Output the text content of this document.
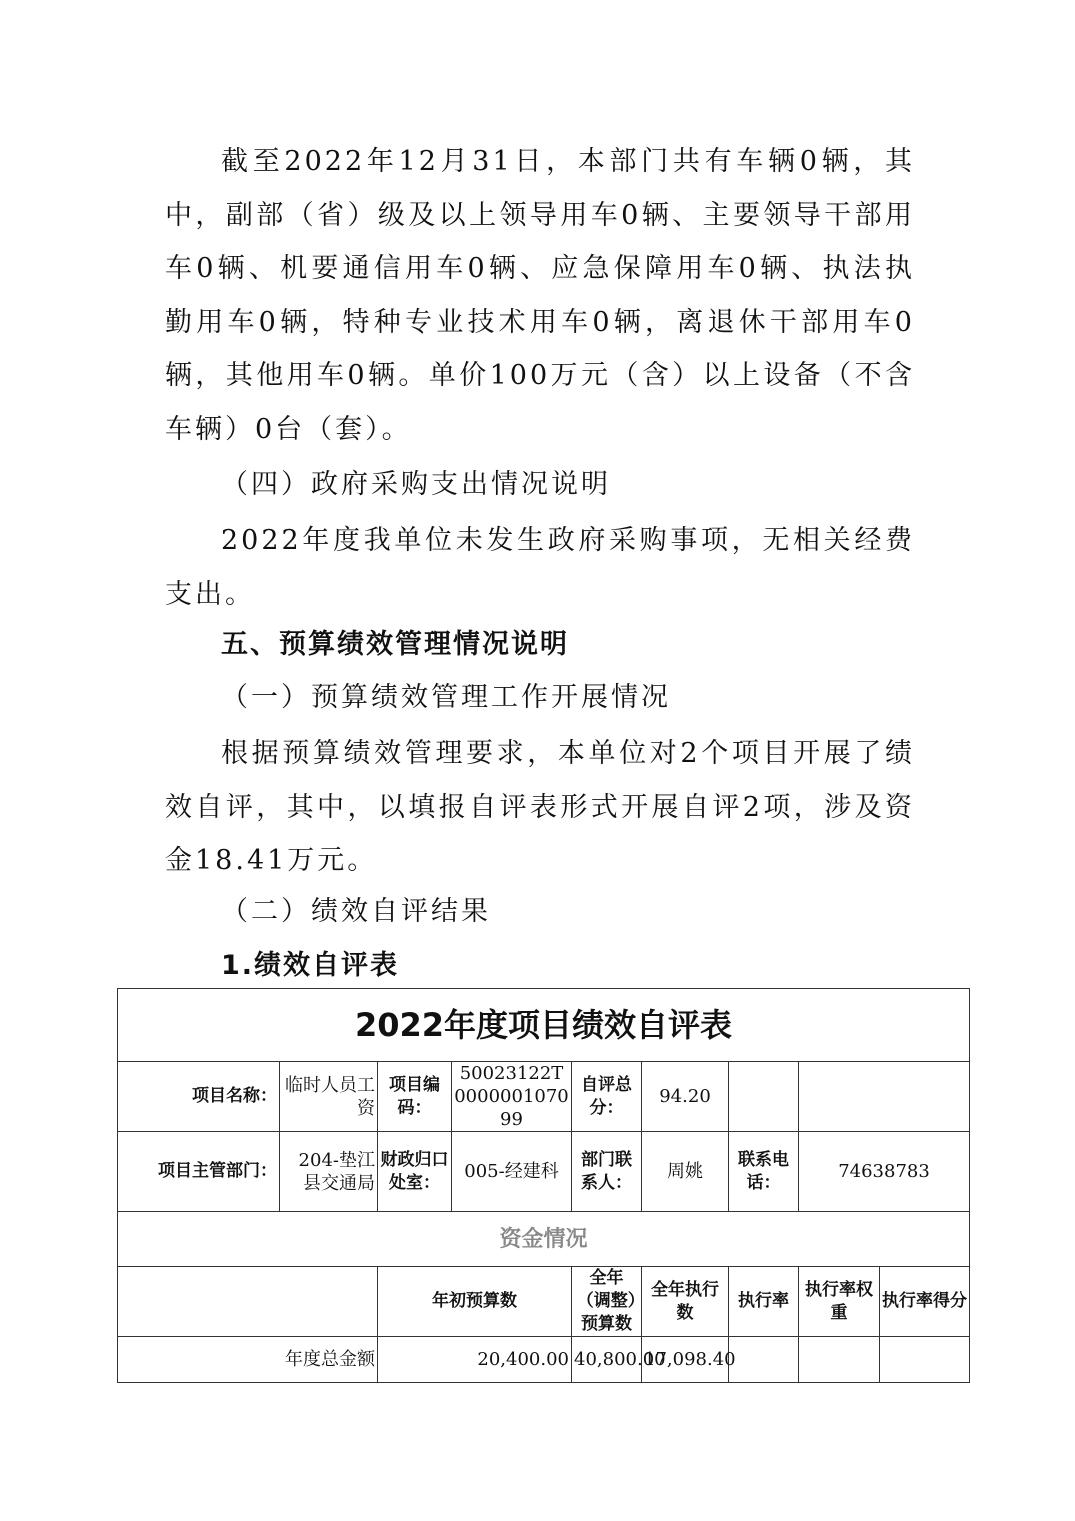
截至2022年12月31日，本部门共有车辆0辆，其中，副部（省）级及以上领导用车0辆、主要领导干部用车0辆、机要通信用车0辆、应急保障用车0辆、执法执勤用车0辆，特种专业技术用车0辆，离退休干部用车0辆，其他用车0辆。单价100万元（含）以上设备（不含车辆）0台（套）。

（四）政府采购支出情况说明

2022年度我单位未发生政府采购事项，无相关经费支出。

五、预算绩效管理情况说明

（一）预算绩效管理工作开展情况

根据预算绩效管理要求，本单位对2个项目开展了绩效自评，其中，以填报自评表形式开展自评2项，涉及资金18.41万元。

（二）绩效自评结果

1.绩效自评表

2022年度项目绩效自评表								
项目名称：	临时人员工资	项目编码：	50023122T000000107099	自评总分：	94.20			
项目主管部门：	204-垫江县交通局	财政归口处室：	005-经建科	部门联系人：	周姚	联系电话：	74638783	
资金情况								
		年初预算数		全年（调整）预算数	全年执行数	执行率	执行率权重	执行率得分
年度总金额		20,400.00		40,800.00	17,098.40			
